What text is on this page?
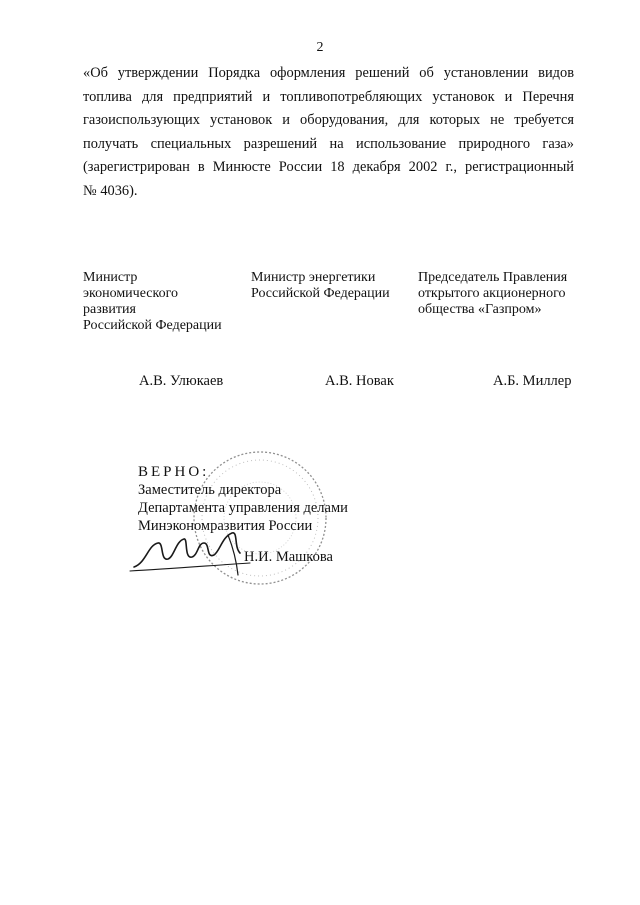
2
«Об утверждении Порядка оформления решений об установлении видов
топлива для предприятий и топливопотребляющих установок и Перечня
газоиспользующих установок и оборудования, для которых не требуется
получать специальных разрешений на использование природного газа»
(зарегистрирован в Минюсте России 18 декабря 2002 г., регистрационный
№ 4036).
Министр
экономического
развития
Российской Федерации
Министр энергетики
Российской Федерации
Председатель Правления
открытого акционерного
общества «Газпром»
А.В. Улюкаев	А.В. Новак	А.Б. Миллер
ВЕРНО:
Заместитель директора
Департамента управления делами
Минэкономразвития России
Н.И. Машкова
